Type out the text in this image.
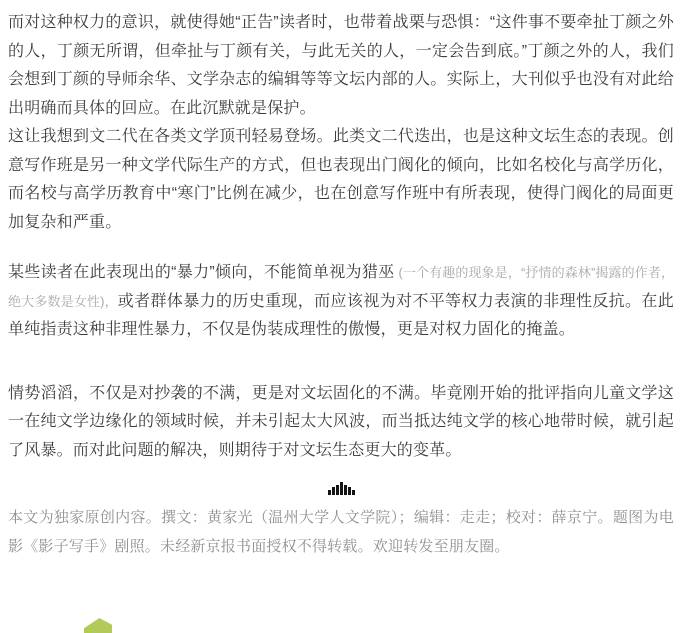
而对这种权力的意识，就使得她“正告”读者时，也带着战栗与恐惧：“这件事不要牵扯丁颜之外的人，丁颜无所谓，但牵扯与丁颜有关，与此无关的人，一定会告到底。”丁颜之外的人，我们会想到丁颜的导师余华、文学杂志的编辑等等文坛内部的人。实际上，大刊似乎也没有对此给出明确而具体的回应。在此沉默就是保护。

这让我想到文二代在各类文学顶刊轻易登场。此类文二代迭出，也是这种文坛生态的表现。创意写作班是另一种文学代际生产的方式，但也表现出门阀化的倾向，比如名校化与高学历化，而名校与高学历教育中“寒门”比例在减少，也在创意写作班中有所表现，使得门阀化的局面更加复杂和严重。

某些读者在此表现出的“暴力”倾向，不能简单视为猎巫 (一个有趣的现象是，“抒情的森林”揭露的作者，绝大多数是女性)，或者群体暴力的历史重现，而应该视为对不平等权力表演的非理性反抗。在此单纯指责这种非理性暴力，不仅是伪装成理性的傲慢，更是对权力固化的掩盖。

情势滔滔，不仅是对抄袭的不满，更是对文坛固化的不满。毕竟刚开始的批评指向儿童文学这一在纯文学边缘化的领域时候，并未引起太大风波，而当抵达纯文学的核心地带时候，就引起了风暴。而对此问题的解决，则期待于对文坛生态更大的变革。

本文为独家原创内容。撰文：黄家光（温州大学人文学院）；编辑：走走；校对：薛京宁。题图为电影《影子写手》剧照。未经新京报书面授权不得转载。欢迎转发至朋友圈。
